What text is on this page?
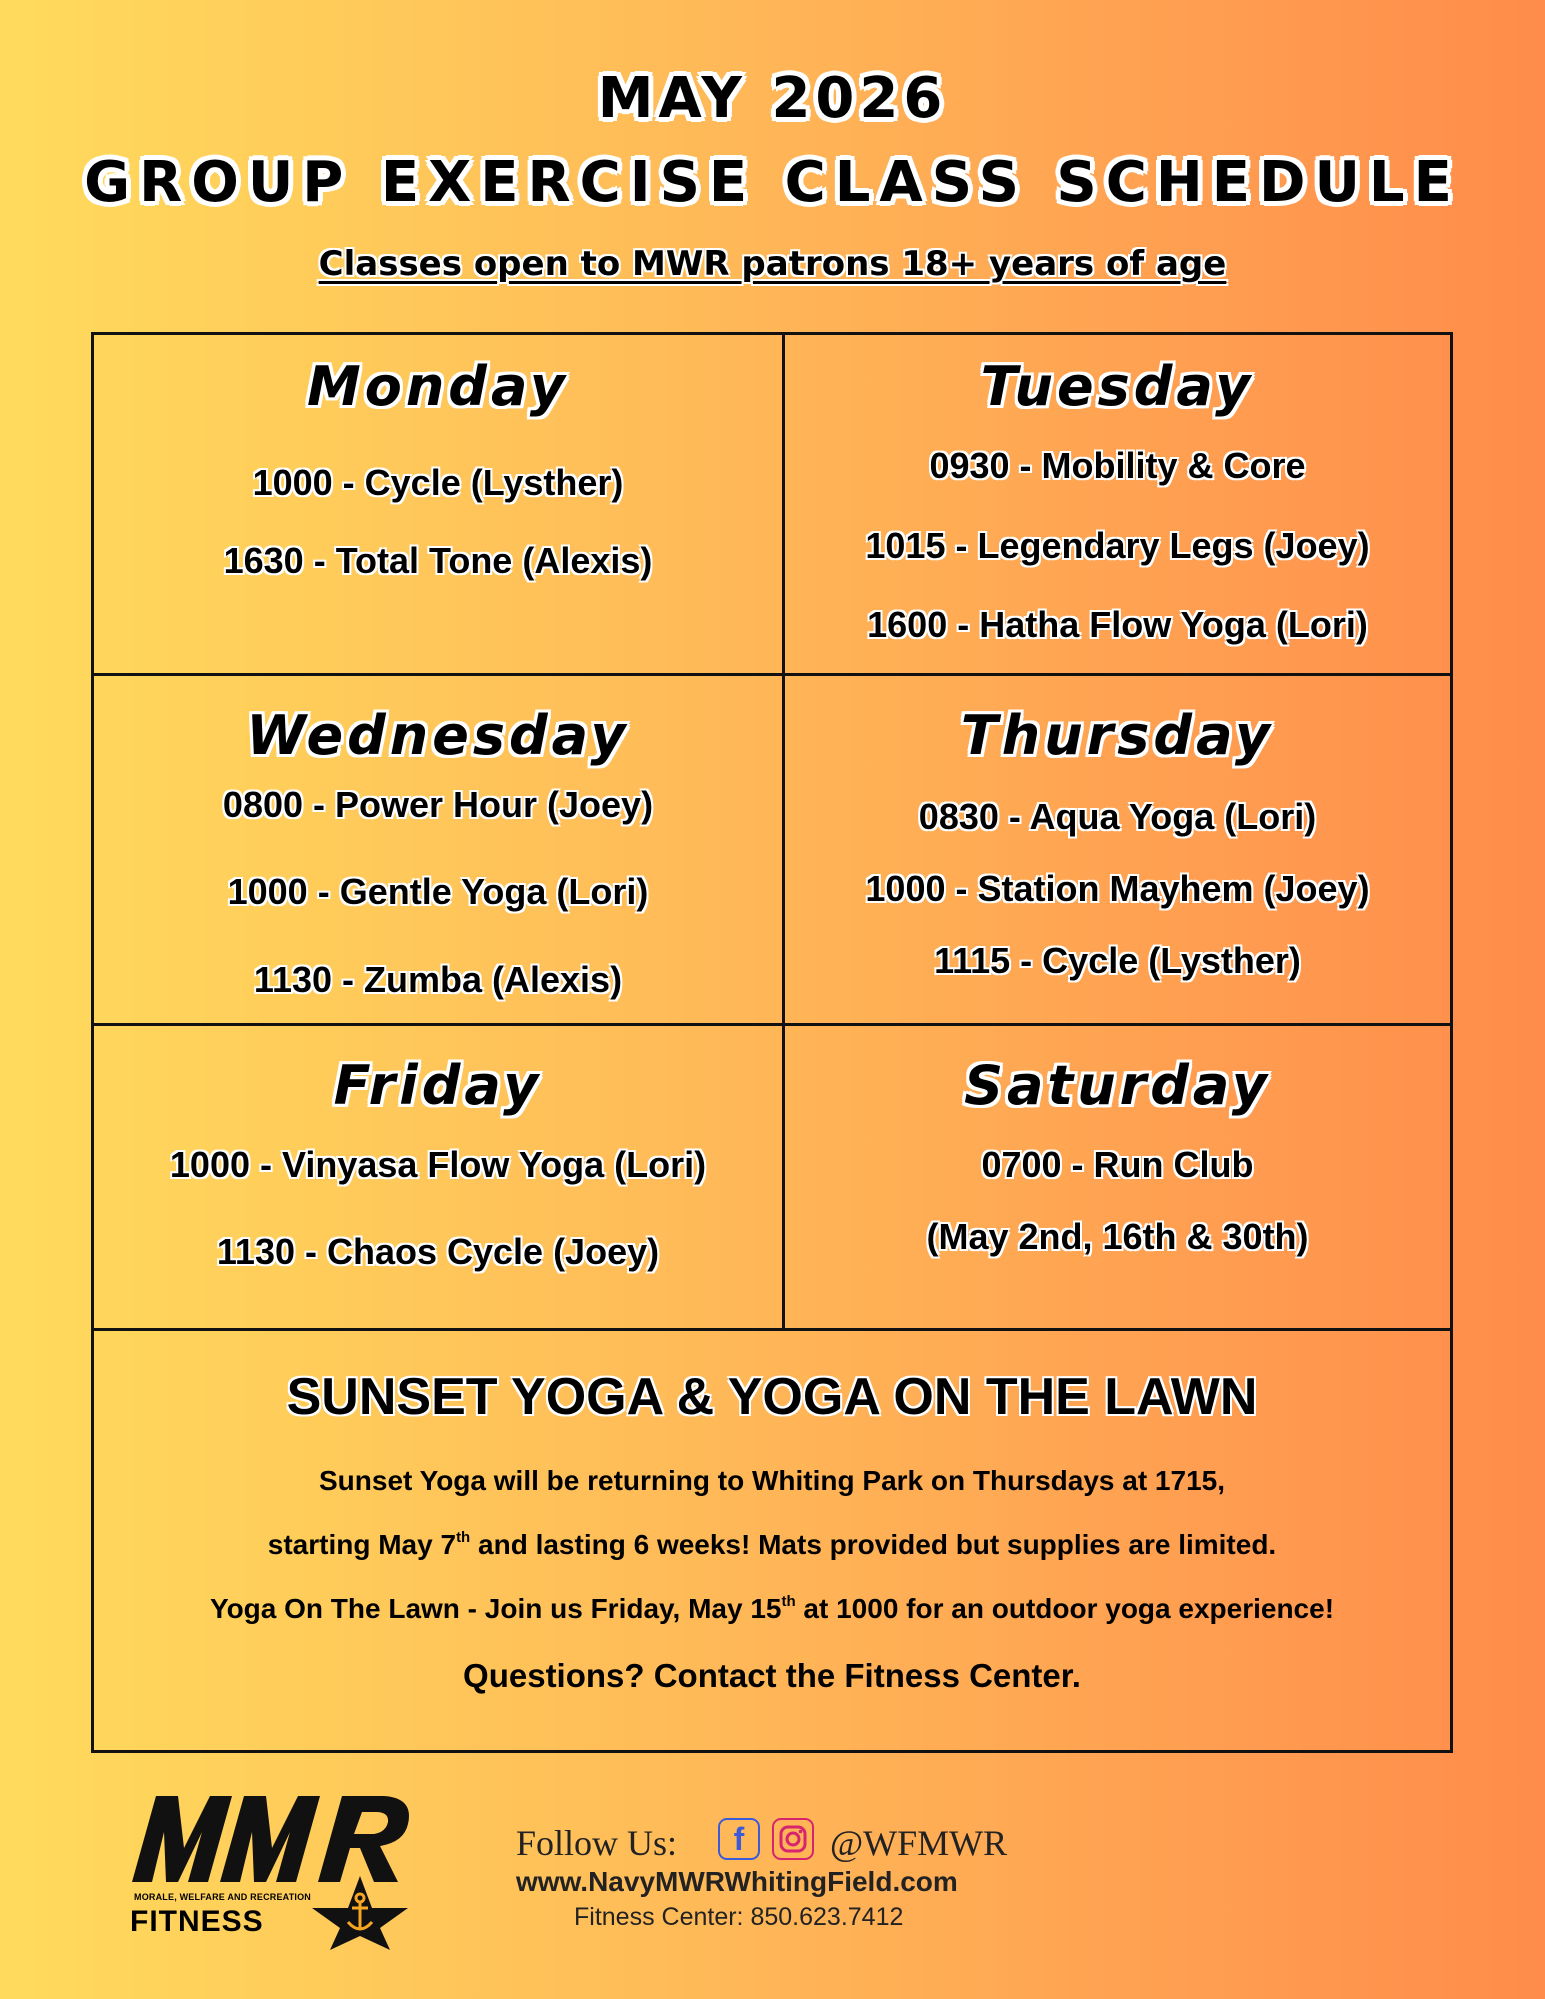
MAY 2026
GROUP EXERCISE CLASS SCHEDULE
Classes open to MWR patrons 18+ years of age
Monday
1000 - Cycle (Lysther)
1630 - Total Tone (Alexis)
Tuesday
0930 - Mobility & Core
1015 - Legendary Legs (Joey)
1600 - Hatha Flow Yoga (Lori)
Wednesday
0800 - Power Hour (Joey)
1000 - Gentle Yoga (Lori)
1130 - Zumba (Alexis)
Thursday
0830 - Aqua Yoga (Lori)
1000 - Station Mayhem (Joey)
1115 - Cycle (Lysther)
Friday
1000 - Vinyasa Flow Yoga (Lori)
1130 - Chaos Cycle (Joey)
Saturday
0700 - Run Club
(May 2nd, 16th & 30th)
SUNSET YOGA & YOGA ON THE LAWN
Sunset Yoga will be returning to Whiting Park on Thursdays at 1715,
starting May 7th and lasting 6 weeks! Mats provided but supplies are limited.
Yoga On The Lawn - Join us Friday, May 15th at 1000 for an outdoor yoga experience!
Questions? Contact the Fitness Center.
MORALE, WELFARE AND RECREATION
FITNESS
Follow Us:	f	@WFMWR
www.NavyMWRWhitingField.com
Fitness Center: 850.623.7412
